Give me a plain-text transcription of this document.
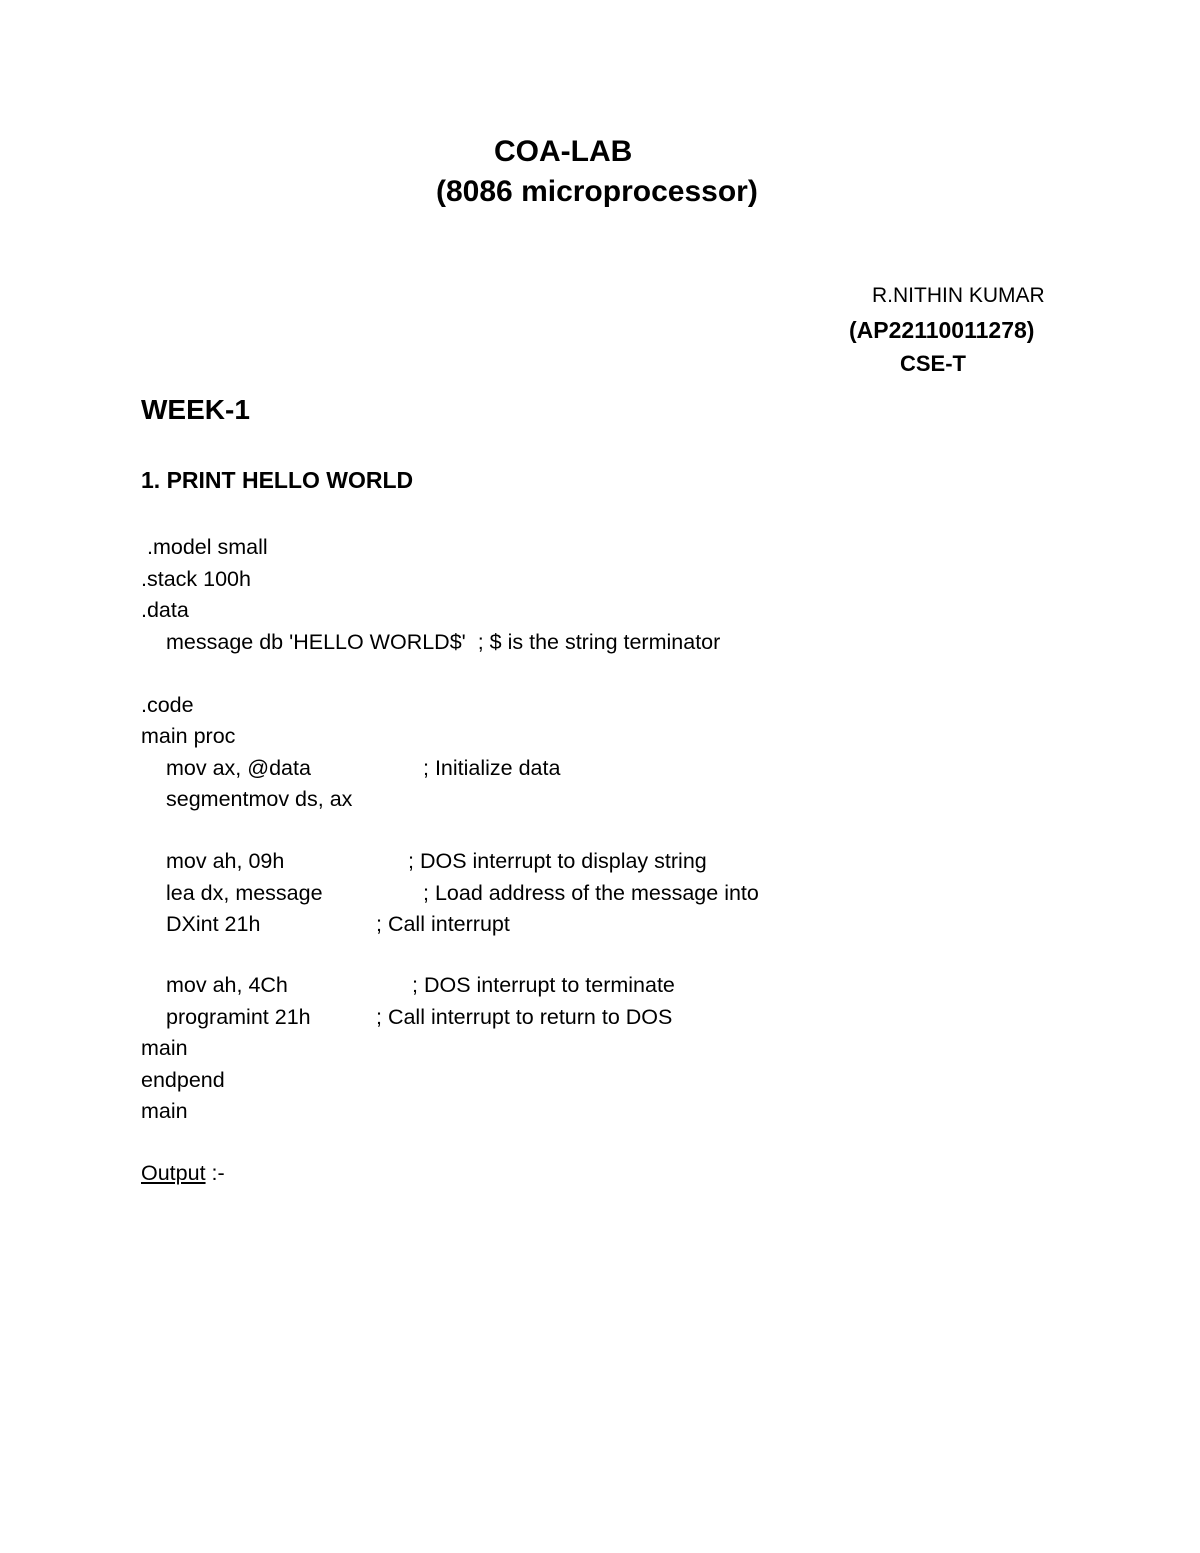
COA-LAB
(8086 microprocessor)
R.NITHIN KUMAR
(AP22110011278)
CSE-T
WEEK-1
1. PRINT HELLO WORLD
.model small
.stack 100h
.data
message db 'HELLO WORLD$'  ; $ is the string terminator
.code
main proc
mov ax, @data	; Initialize data
segmentmov ds, ax
mov ah, 09h	; DOS interrupt to display string
lea dx, message	; Load address of the message into
DXint 21h	; Call interrupt
mov ah, 4Ch	; DOS interrupt to terminate
programint 21h	; Call interrupt to return to DOS
main
endpend
main
Output :-
